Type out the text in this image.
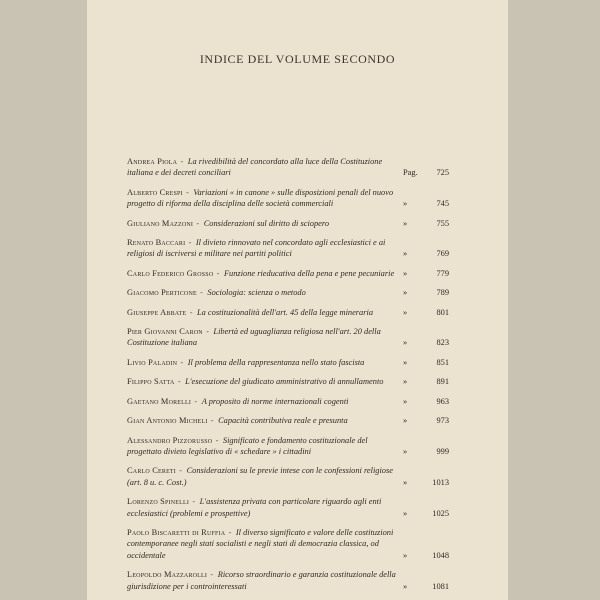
INDICE DEL VOLUME SECONDO
Andrea Piola - La rivedibilità del concordato alla luce della Costituzione italiana e dei decreti conciliari	Pag. 725
Alberto Crespi - Variazioni « in canone » sulle disposizioni penali del nuovo progetto di riforma della disciplina delle società commerciali	»	745
Giuliano Mazzoni - Considerazioni sul diritto di sciopero	»	755
Renato Baccari - Il divieto rinnovato nel concordato agli ecclesiastici e ai religiosi di iscriversi e militare nei partiti politici	»	769
Carlo Federico Grosso - Funzione rieducativa della pena e pene pecuniarie	»	779
Giacomo Perticone - Sociologia: scienza o metodo	»	789
Giuseppe Abbate - La costituzionalità dell'art. 45 della legge mineraria	»	801
Pier Giovanni Caron - Libertà ed uguaglianza religiosa nell'art. 20 della Costituzione italiana	»	823
Livio Paladin - Il problema della rappresentanza nello stato fascista	»	851
Filippo Satta - L'esecuzione del giudicato amministrativo di annullamento	»	891
Gaetano Morelli - A proposito di norme internazionali cogenti	»	963
Gian Antonio Micheli - Capacità contributiva reale e presunta	»	973
Alessandro Pizzorusso - Significato e fondamento costituzionale del progettato divieto legislativo di « schedare » i cittadini	»	999
Carlo Cereti - Considerazioni su le previe intese con le confessioni religiose (art. 8 u. c. Cost.)	»	1013
Lorenzo Spinelli - L'assistenza privata con particolare riguardo agli enti ecclesiastici (problemi e prospettive)	»	1025
Paolo Biscaretti di Ruffia - Il diverso significato e valore delle costituzioni contemporanee negli stati socialisti e negli stati di democrazia classica, od occidentale	»	1048
Leopoldo Mazzarolli - Ricorso straordinario e garanzia costituzionale della giurisdizione per i controinteressati	»	1081
